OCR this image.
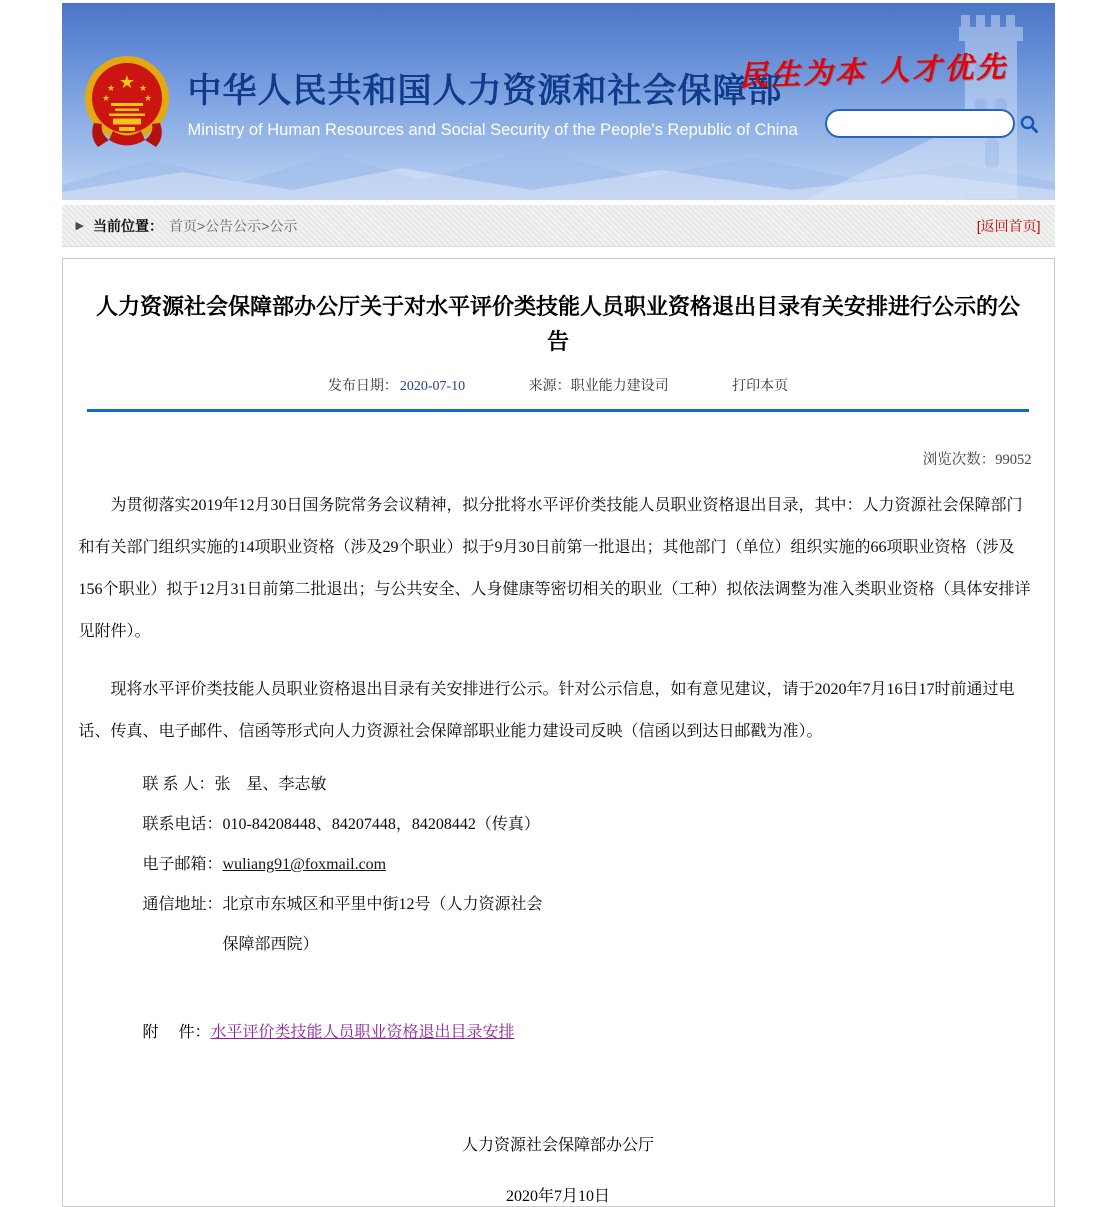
★
★	★
★	★ 中华人民共和国人力资源和社会保障部
Ministry of Human Resources and Social Security of the People's Republic of China
民生为本 人才优先
▶ 当前位置： 首页>公告公示>公示	[返回首页]
人力资源社会保障部办公厅关于对水平评价类技能人员职业资格退出目录有关安排进行公示的公告
发布日期： 2020-07-10	来源：职业能力建设司	打印本页
浏览次数：99052

为贯彻落实2019年12月30日国务院常务会议精神，拟分批将水平评价类技能人员职业资格退出目录，其中：人力资源社会保障部门和有关部门组织实施的14项职业资格（涉及29个职业）拟于9月30日前第一批退出；其他部门（单位）组织实施的66项职业资格（涉及156个职业）拟于12月31日前第二批退出；与公共安全、人身健康等密切相关的职业（工种）拟依法调整为准入类职业资格（具体安排详见附件）。

现将水平评价类技能人员职业资格退出目录有关安排进行公示。针对公示信息，如有意见建议，请于2020年7月16日17时前通过电话、传真、电子邮件、信函等形式向人力资源社会保障部职业能力建设司反映（信函以到达日邮戳为准）。

联 系 人：张　星、李志敏
联系电话：010-84208448、84207448，84208442（传真）
电子邮箱：wuliang91@foxmail.com
通信地址：北京市东城区和平里中街12号（人力资源社会
保障部西院）
附　 件：水平评价类技能人员职业资格退出目录安排
人力资源社会保障部办公厅
2020年7月10日
